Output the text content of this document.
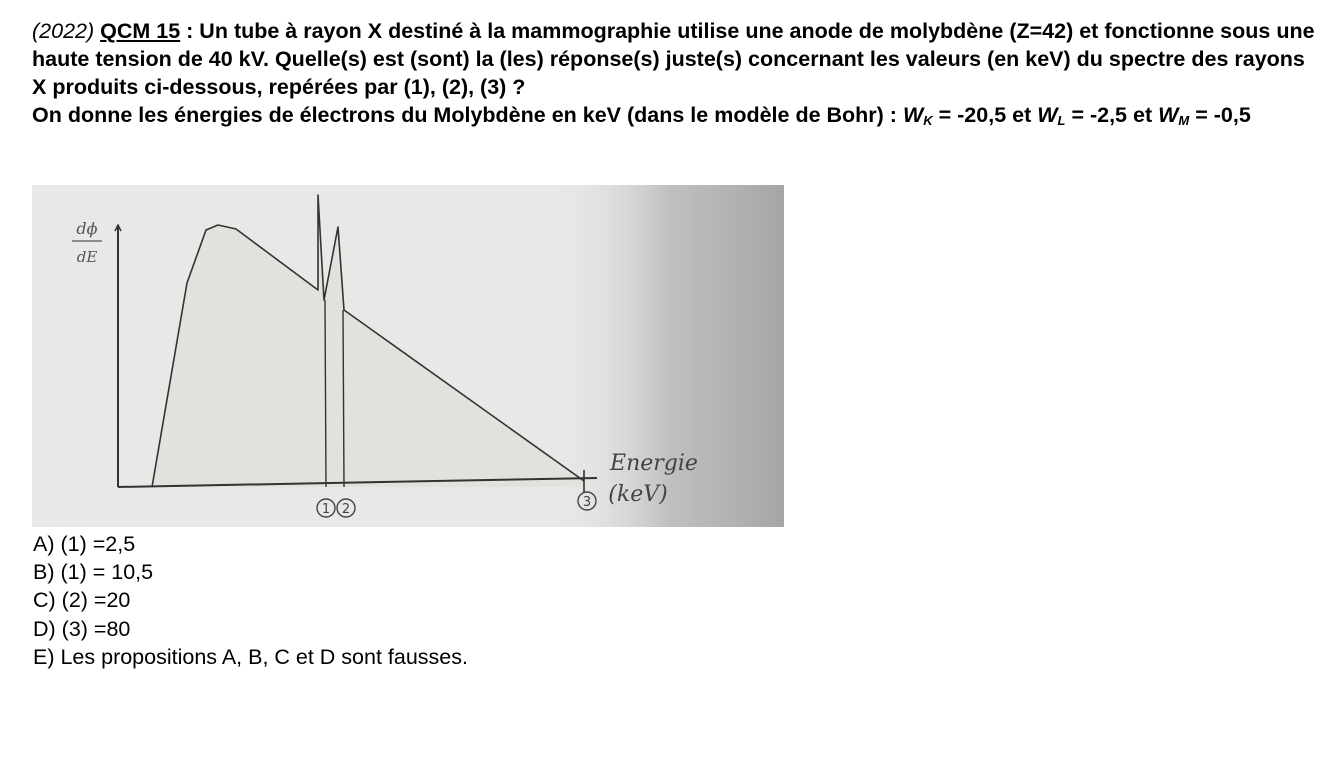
(2022) QCM 15 : Un tube à rayon X destiné à la mammographie utilise une anode de molybdène (Z=42) et fonctionne sous une haute tension de 40 kV. Quelle(s) est (sont) la (les) réponse(s) juste(s) concernant les valeurs (en keV) du spectre des rayons X produits ci-dessous, repérées par (1), (2), (3) ?
On donne les énergies de électrons du Molybdène en keV (dans le modèle de Bohr) : $W_K = -20,5$ et $W_L = -2,5$ et $W_M = -0,5$

dϕ
dE
Energie
(keV)
1 2	3
A) (1) =2,5
B) (1) = 10,5
C) (2) =20
D) (3) =80
E) Les propositions A, B, C et D sont fausses.
